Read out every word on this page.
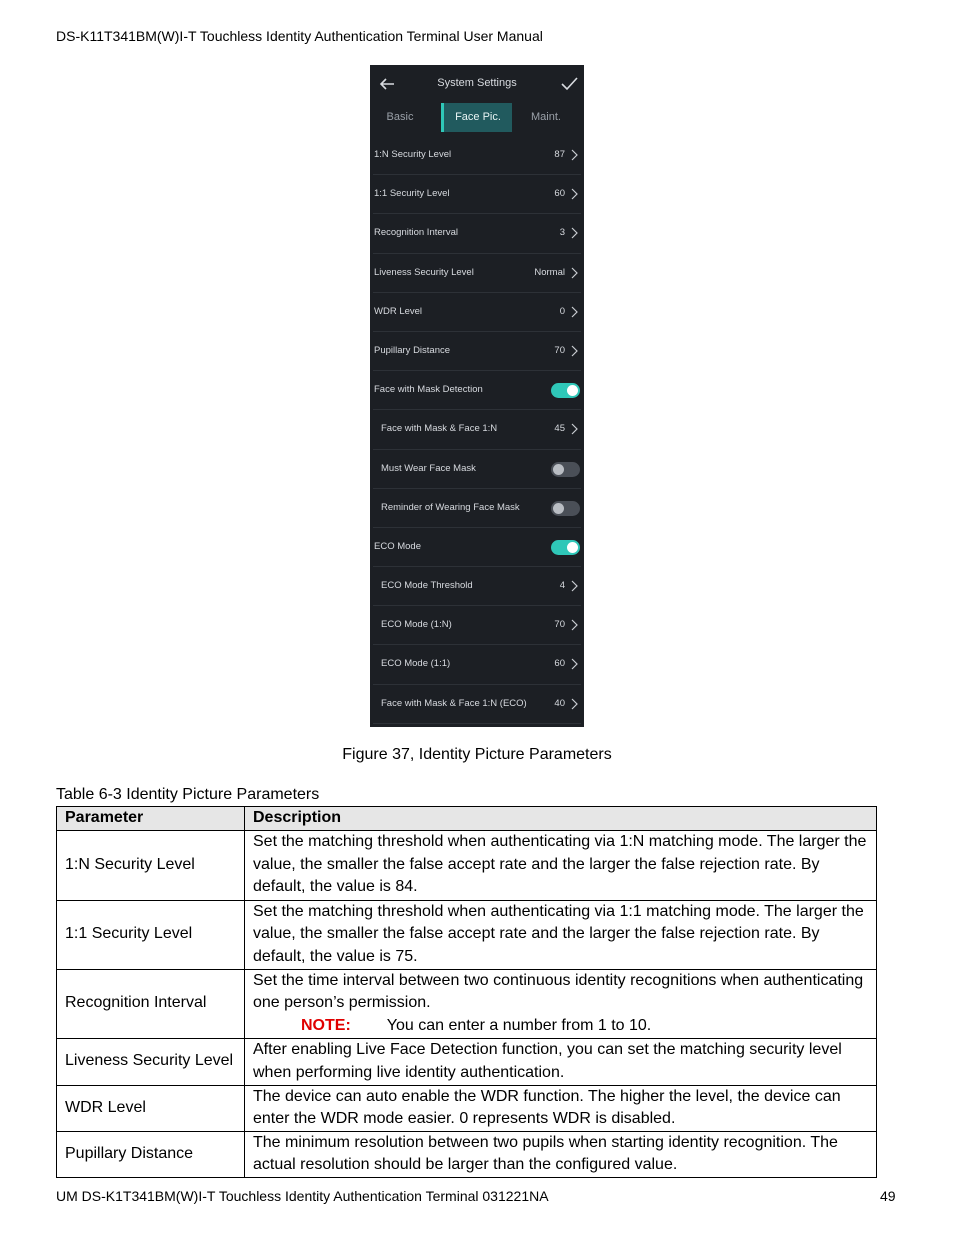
DS-K11T341BM(W)I-T Touchless Identity Authentication Terminal User Manual
System Settings
Basic	Face Pic.	Maint.
1:N Security Level	87
1:1 Security Level	60
Recognition Interval	3
Liveness Security Level	Normal
WDR Level	0
Pupillary Distance	70
Face with Mask Detection
Face with Mask & Face 1:N	45
Must Wear Face Mask
Reminder of Wearing Face Mask
ECO Mode
ECO Mode Threshold	4
ECO Mode (1:N)	70
ECO Mode (1:1)	60
Face with Mask & Face 1:N (ECO)	40
Figure 37, Identity Picture Parameters
Table 6-3 Identity Picture Parameters
Parameter	Description
1:N Security Level	Set the matching threshold when authenticating via 1:N matching mode. The larger the value, the smaller the false accept rate and the larger the false rejection rate. By default, the value is 84.
1:1 Security Level	Set the matching threshold when authenticating via 1:1 matching mode. The larger the value, the smaller the false accept rate and the larger the false rejection rate. By default, the value is 75.
Recognition Interval	Set the time interval between two continuous identity recognitions when authenticating one person’s permission.
NOTE: You can enter a number from 1 to 10.

Liveness Security Level	After enabling Live Face Detection function, you can set the matching security level when performing live identity authentication.
WDR Level	The device can auto enable the WDR function. The higher the level, the device can enter the WDR mode easier. 0 represents WDR is disabled.
Pupillary Distance	The minimum resolution between two pupils when starting identity recognition. The actual resolution should be larger than the configured value.
UM DS-K1T341BM(W)I-T Touchless Identity Authentication Terminal 031221NA	49
